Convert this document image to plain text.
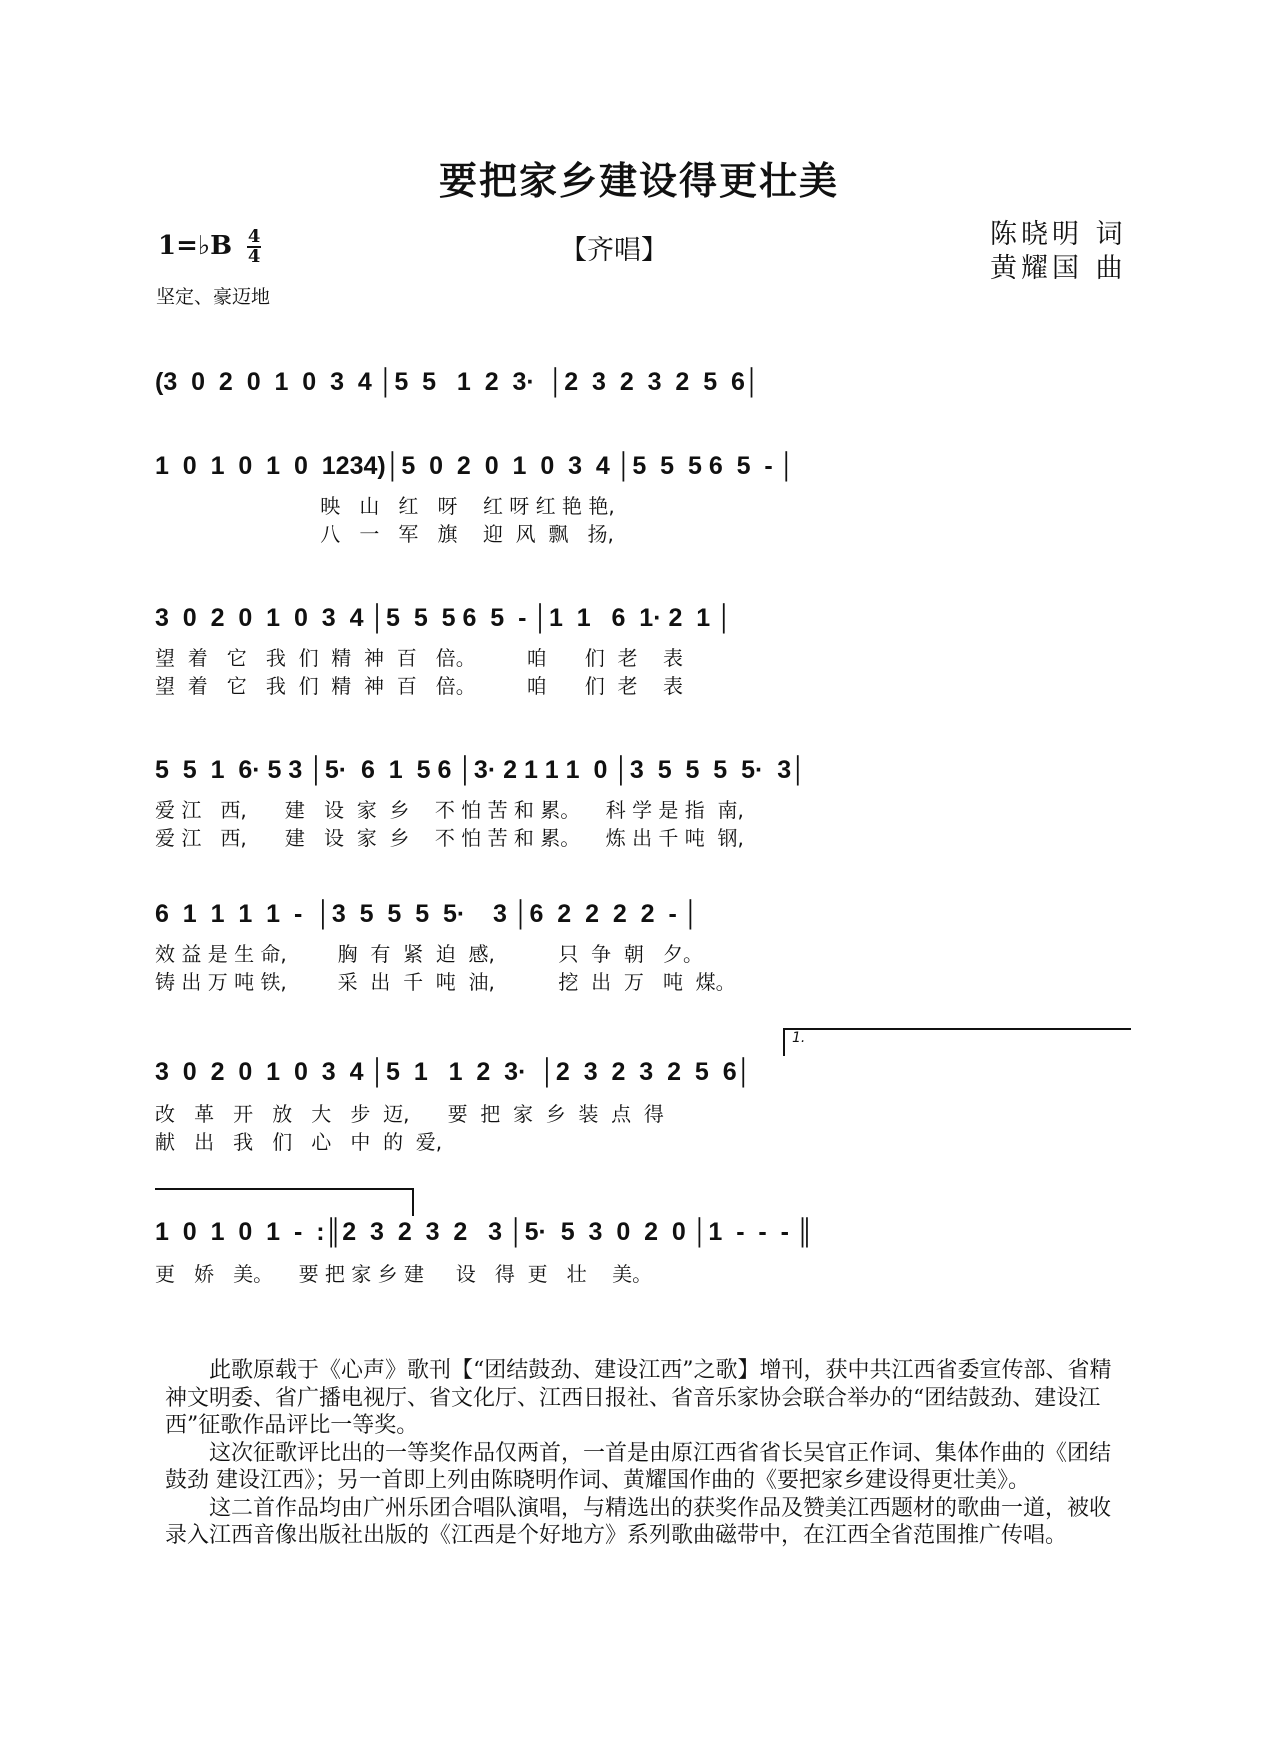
要把家乡建设得更壮美
1=♭B $\frac{4}{4}$
坚定、豪迈地
【齐唱】
陈晓明 词
黄耀国 曲
(3  0  2  0  1  0  3  4 │5  5   1  2  3·  │2  3  2  3  2  5  6│
1  0  1  0  1  0  1234)│5  0  2  0  1  0  3  4 │5  5  5 6  5  - │
映   山   红   呀    红 呀 红 艳 艳,
八   一   军   旗    迎  风  飘   扬,
3  0  2  0  1  0  3  4 │5  5  5 6  5  - │1  1   6  1· 2  1 │
望  着   它   我  们  精  神  百   倍。        咱      们  老    表
望  着   它   我  们  精  神  百   倍。        咱      们  老    表
5  5  1  6· 5 3 │5·  6  1  5 6 │3· 2 1 1 1  0 │3  5  5  5  5·  3│
爱 江   西,      建   设  家  乡    不 怕 苦 和 累。    科 学 是 指  南,
爱 江   西,      建   设  家  乡    不 怕 苦 和 累。    炼 出 千 吨  钢,
6  1  1  1  1  -  │3  5  5  5  5·    3 │6  2  2  2  2  - │
效 益 是 生 命,        胸  有  紧  迫  感,          只  争  朝   夕。
铸 出 万 吨 铁,        采  出  千  吨  油,          挖  出  万   吨  煤。
1.
3  0  2  0  1  0  3  4 │5  1   1  2  3·  │2  3  2  3  2  5  6│
改   革   开   放   大   步  迈,      要  把  家  乡  装  点  得
献   出   我   们   心   中  的  爱,
1  0  1  0  1  -  :║2  3  2  3  2   3 │5·  5  3  0  2  0 │1  -  -  - ║
更   娇   美。    要 把 家 乡 建     设   得  更   壮    美。

此歌原载于《心声》歌刊【“团结鼓劲、建设江西”之歌】增刊，获中共江西省委宣传部、省精神文明委、省广播电视厅、省文化厅、江西日报社、省音乐家协会联合举办的“团结鼓劲、建设江西”征歌作品评比一等奖。

这次征歌评比出的一等奖作品仅两首，一首是由原江西省省长吴官正作词、集体作曲的《团结鼓劲 建设江西》；另一首即上列由陈晓明作词、黄耀国作曲的《要把家乡建设得更壮美》。

这二首作品均由广州乐团合唱队演唱，与精选出的获奖作品及赞美江西题材的歌曲一道，被收录入江西音像出版社出版的《江西是个好地方》系列歌曲磁带中，在江西全省范围推广传唱。
